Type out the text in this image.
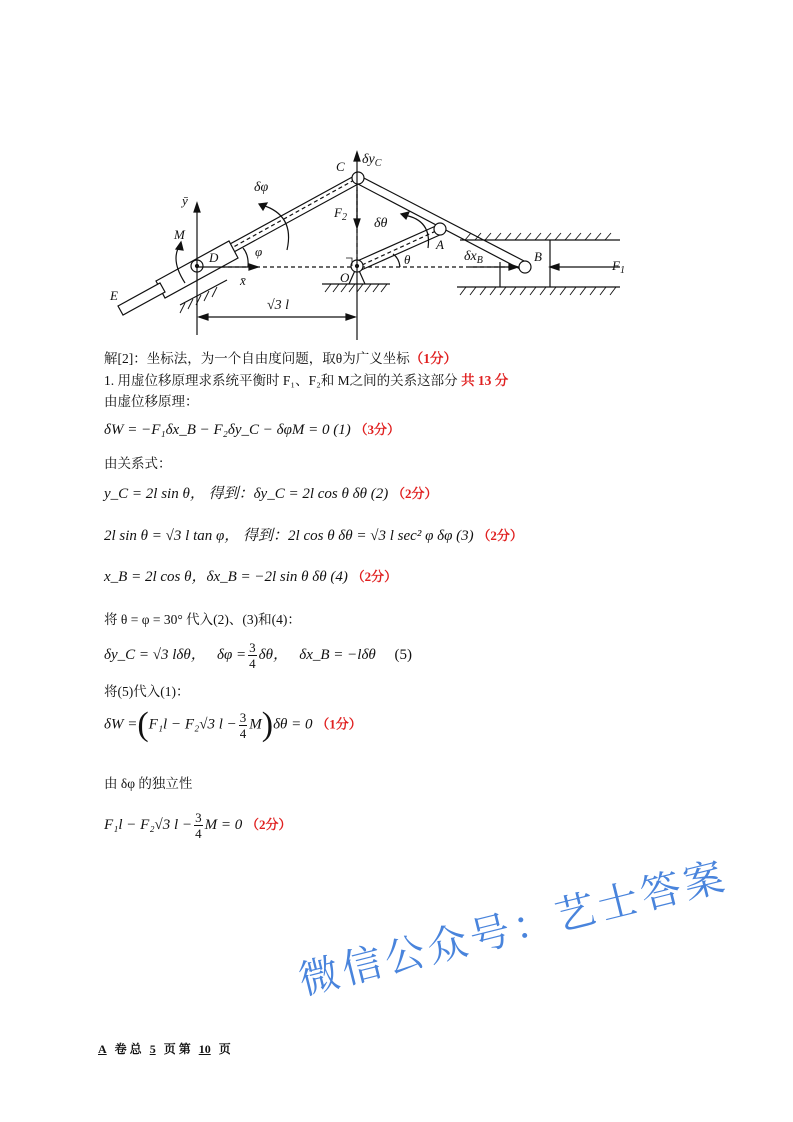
C $\delta y_C$
δφ
ȳ
M
D	φ
x̄
E
$F_2$ δθ
A
O
θ	$\delta x_B$	B
$F_1$
√3 l
解[2]：坐标法，为一个自由度问题，取θ为广义坐标（1分）
1. 用虚位移原理求系统平衡时 F₁、F₂和 M之间的关系这部分 共 13 分
由虚位移原理：
δW = −F₁δx_B − F₂δy_C − δφM = 0 (1) （3分）
由关系式：
y_C = 2l sin θ， 得到：δy_C = 2l cos θ δθ (2) （2分）
2l sin θ = √3 l tan φ， 得到：2l cos θ δθ = √3 l sec² φ δφ (3) （2分）
x_B = 2l cos θ，δx_B = −2l sin θ δθ (4) （2分）
将 θ = φ = 30° 代入(2)、(3)和(4)：
δy_C = √3 lδθ， $\delta\varphi = \frac{3}{4}$ δθ， δx_B = −lδθ (5)
将(5)代入(1)：
δW =(F₁l − F₂√3 $l - \frac{3}{4} M)\delta\theta = 0$ （1分）
由 δφ 的独立性
F₁l − F₂√3 $l - \frac{3}{4}$ M = 0 （2分）
微信公众号：艺士答案
A 卷 总 5 页 第 10 页
